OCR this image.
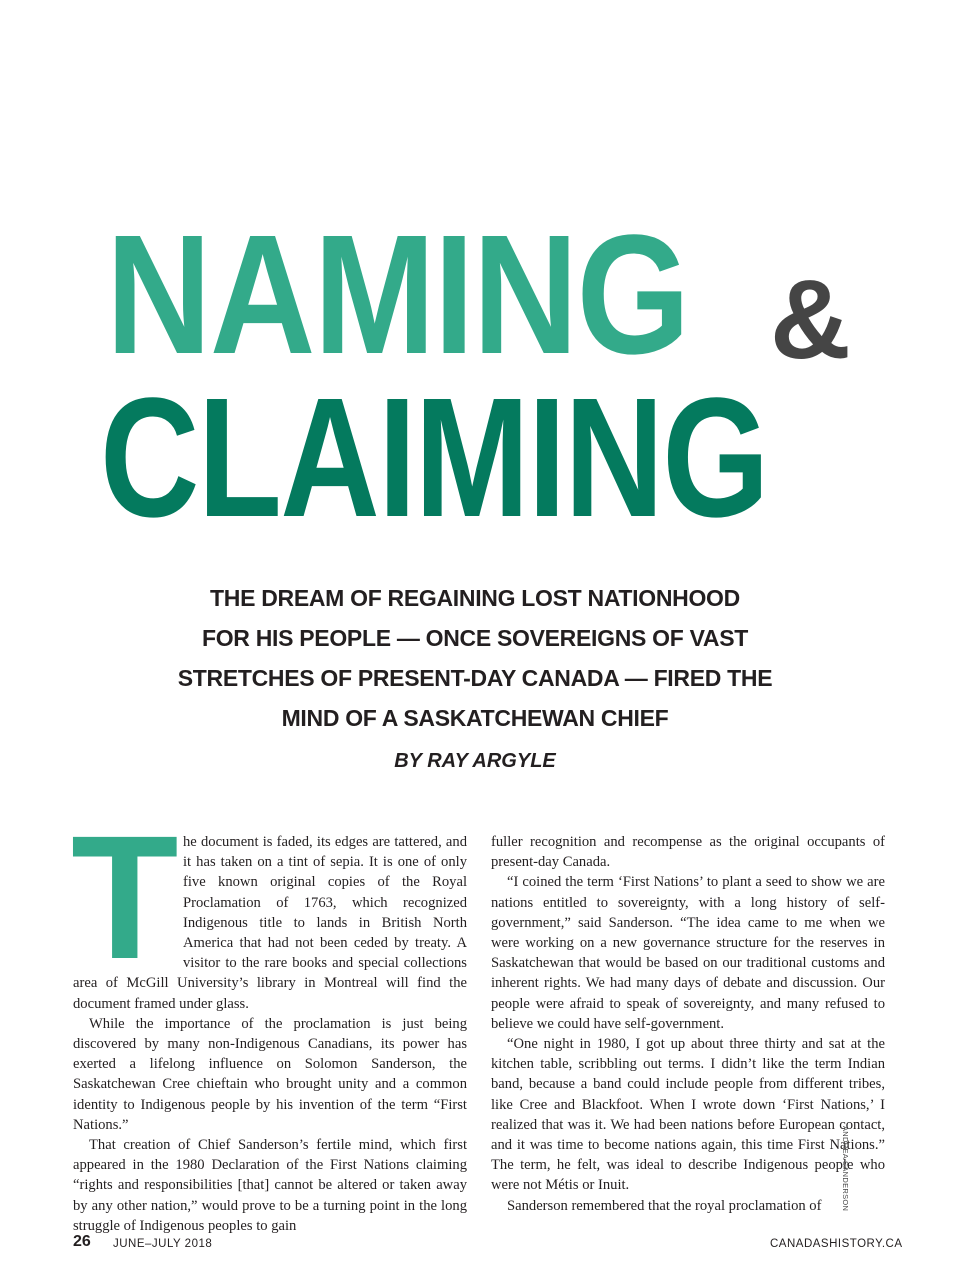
NAMING &
CLAIMING
THE DREAM OF REGAINING LOST NATIONHOOD
FOR HIS PEOPLE — ONCE SOVEREIGNS OF VAST
STRETCHES OF PRESENT-DAY CANADA — FIRED THE
MIND OF A SASKATCHEWAN CHIEF
BY RAY ARGYLE
T he document is faded, its edges are tattered, and it has taken on a tint of sepia. It is one of only five known original copies of the Royal Proclamation of 1763, which recognized Indigenous title to lands in British North America that had not been ceded by treaty. A visitor to the rare books and special collections area of McGill University’s library in Montreal will find the document framed under glass.

While the importance of the proclamation is just being discovered by many non-Indigenous Canadians, its power has exerted a lifelong influence on Solomon Sanderson, the Saskatchewan Cree chieftain who brought unity and a common identity to Indigenous people by his invention of the term “First Nations.”

That creation of Chief Sanderson’s fertile mind, which first appeared in the 1980 Declaration of the First Nations claiming “rights and responsibilities [that] cannot be altered or taken away by any other nation,” would prove to be a turning point in the long struggle of Indigenous peoples to gain

fuller recognition and recompense as the original occupants of present-day Canada.

“I coined the term ‘First Nations’ to plant a seed to show we are nations entitled to sovereignty, with a long history of self-government,” said Sanderson. “The idea came to me when we were working on a new governance structure for the reserves in Saskatchewan that would be based on our traditional customs and inherent rights. We had many days of debate and discussion. Our people were afraid to speak of sovereignty, and many refused to believe we could have self-government.

“One night in 1980, I got up about three thirty and sat at the kitchen table, scribbling out terms. I didn’t like the term Indian band, because a band could include people from different tribes, like Cree and Blackfoot. When I wrote down ‘First Nations,’ I realized that was it. We had been nations before European contact, and it was time to become nations again, this time First Nations.” The term, he felt, was ideal to describe Indigenous people who were not Métis or Inuit.

Sanderson remembered that the royal proclamation of	ANDREA SANDERSON
26 JUNE–JULY 2018	CANADASHISTORY.CA
